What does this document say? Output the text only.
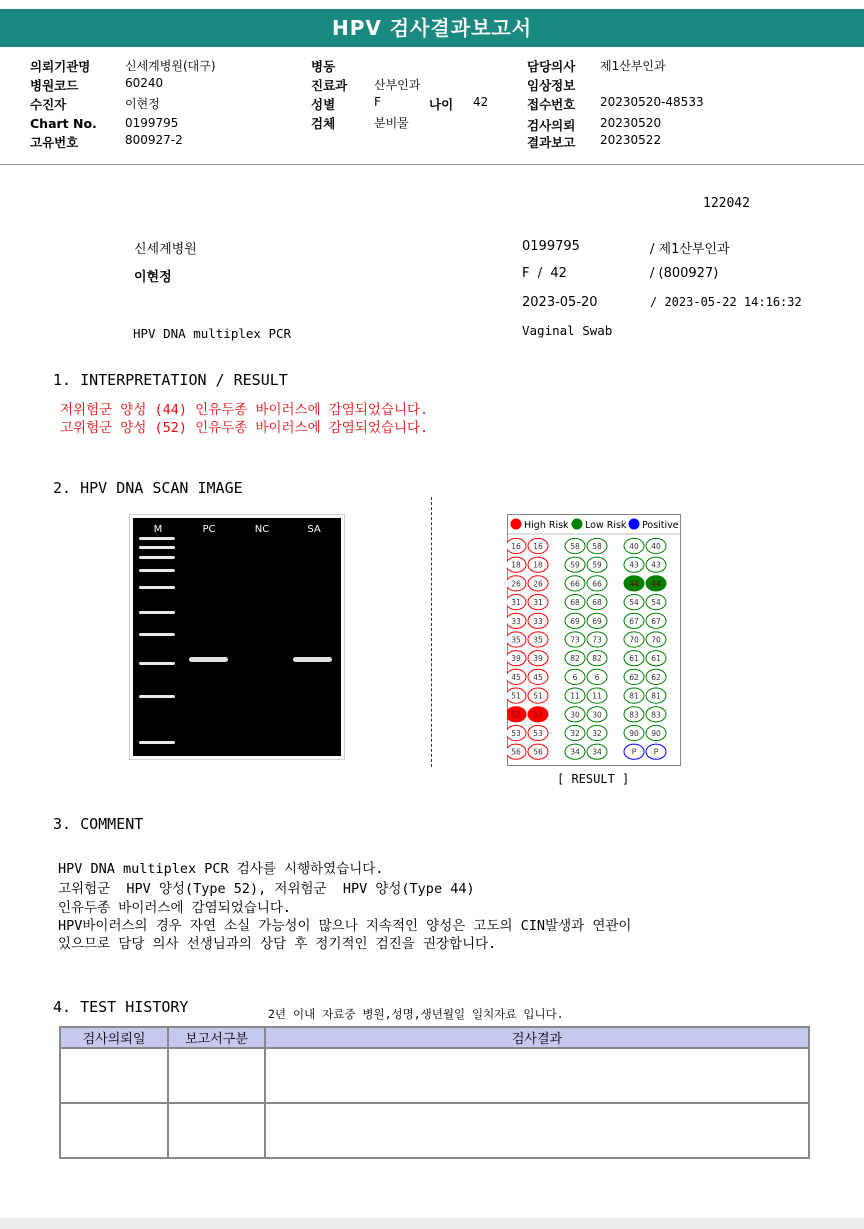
HPV 검사결과보고서
의뢰기관명	신세계병원(대구)
병원코드	60240
수진자	이현정
Chart No. 0199795
고유번호	800927-2
병동
진료과 산부인과
성별	F	나이 42
검체	분비물
담당의사 제1산부인과
임상정보
접수번호 20230520-48533
검사의뢰 20230520
결과보고 20230522
122042
신세계병원
이현정
HPV DNA multiplex PCR
0199795	/ 제1산부인과
F  /  42	/ (800927)
2023-05-20	/ 2023-05-22 14:16:32
Vaginal Swab
1. INTERPRETATION / RESULT
저위험군 양성 (44) 인유두종 바이러스에 감염되었습니다.
고위험군 양성 (52) 인유두종 바이러스에 감염되었습니다.
2. HPV DNA SCAN IMAGE
M	PC	NC	SA	High Risk Low Risk Positive
16 16	58 58	40 40
18 18	59 59	43 43
26 26	66 66	44 44
31 31	68 68	54 54
33 33	69 69	67 67
35 35	73 73	70 70
39 39	82 82	61 61
45 45	6 6	62 62
51 51	11 11	81 81
52 52	30 30	83 83
53 53	32 32	90 90
56 56	34 34	P P
[ RESULT ]
3. COMMENT
HPV DNA multiplex PCR 검사를 시행하였습니다.
고위험군  HPV 양성(Type 52), 저위험군  HPV 양성(Type 44)
인유두종 바이러스에 감염되었습니다.
HPV바이러스의 경우 자연 소실 가능성이 많으나 지속적인 양성은 고도의 CIN발생과 연관이
있으므로 담당 의사 선생님과의 상담 후 정기적인 검진을 권장합니다.
4. TEST HISTORY	2년 이내 자료중 병원,성명,생년월일 일치자료 입니다.
검사의뢰일	보고서구분	검사결과
